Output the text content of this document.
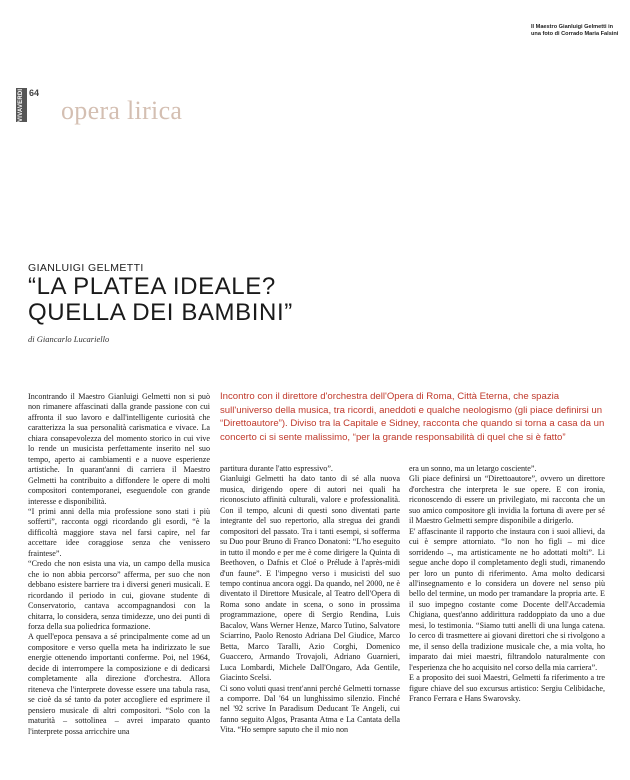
Il Maestro Gianluigi Gelmetti in una foto di Corrado Maria Falsini
VIVAVERDI 64
opera lirica
GIANLUIGI GELMETTI
“LA PLATEA IDEALE?
QUELLA DEI BAMBINI”
di Giancarlo Lucariello
Incontro con il direttore d'orchestra dell'Opera di Roma, Città Eterna, che spazia sull'universo della musica, tra ricordi, aneddoti e qualche neologismo (gli piace definirsi un “Direttoautore”). Diviso tra la Capitale e Sidney, racconta che quando si torna a casa da un concerto ci si sente malissimo, “per la grande responsabilità di quel che si è fatto”

Incontrando il Maestro Gianluigi Gelmetti non si può non rimanere affascinati dalla grande passione con cui affronta il suo lavoro e dall'intelligente curiosità che caratterizza la sua personalità carismatica e vivace. La chiara consapevolezza del momento storico in cui vive lo rende un musicista perfettamente inserito nel suo tempo, aperto ai cambiamenti e a nuove esperienze artistiche. In quarant'anni di carriera il Maestro Gelmetti ha contribuito a diffondere le opere di molti compositori contemporanei, eseguendole con grande interesse e disponibilità.

“I primi anni della mia professione sono stati i più sofferti”, racconta oggi ricordando gli esordi, “è la difficoltà maggiore stava nel farsi capire, nel far accettare idee coraggiose senza che venissero fraintese”.

“Credo che non esista una via, un campo della musica che io non abbia percorso” afferma, per suo che non debbano esistere barriere tra i diversi generi musicali. E ricordando il periodo in cui, giovane studente di Conservatorio, cantava accompagnandosi con la chitarra, lo considera, senza timidezze, uno dei punti di forza della sua poliedrica formazione.

A quell'epoca pensava a sé principalmente come ad un compositore e verso quella meta ha indirizzato le sue energie ottenendo importanti conferme. Poi, nel 1964, decide di interrompere la composizione e di dedicarsi completamente alla direzione d'orchestra. Allora riteneva che l'interprete dovesse essere una tabula rasa, se cioè da sé tanto da poter accogliere ed esprimere il pensiero musicale di altri compositori. “Solo con la maturità – sottolinea – avrei imparato quanto l'interprete possa arricchire una

partitura durante l'atto espressivo”.

Gianluigi Gelmetti ha dato tanto di sé alla nuova musica, dirigendo opere di autori nei quali ha riconosciuto affinità culturali, valore e professionalità. Con il tempo, alcuni di questi sono diventati parte integrante del suo repertorio, alla stregua dei grandi compositori del passato. Tra i tanti esempi, si sofferma su Duo pour Bruno di Franco Donatoni: “L'ho eseguito in tutto il mondo e per me è come dirigere la Quinta di Beethoven, o Dafnis et Cloé o Prélude à l'après-midi d'un faune”. E l'impegno verso i musicisti del suo tempo continua ancora oggi. Da quando, nel 2000, ne è diventato il Direttore Musicale, al Teatro dell'Opera di Roma sono andate in scena, o sono in prossima programmazione, opere di Sergio Rendina, Luis Bacalov, Wans Werner Henze, Marco Tutino, Salvatore Sciarrino, Paolo Renosto Adriana Del Giudice, Marco Betta, Marco Taralli, Azio Corghi, Domenico Guaccero, Armando Trovajoli, Adriano Guarnieri, Luca Lombardi, Michele Dall'Ongaro, Ada Gentile, Giacinto Scelsi.

Ci sono voluti quasi trent'anni perché Gelmetti tornasse a comporre. Dal '64 un lunghissimo silenzio. Finché nel '92 scrive In Paradisum Deducant Te Angeli, cui fanno seguito Algos, Prasanta Atma e La Cantata della Vita. “Ho sempre saputo che il mio non

era un sonno, ma un letargo cosciente”.

Gli piace definirsi un “Direttoautore”, ovvero un direttore d'orchestra che interpreta le sue opere. E con ironia, riconoscendo di essere un privilegiato, mi racconta che un suo amico compositore gli invidia la fortuna di avere per sé il Maestro Gelmetti sempre disponibile a dirigerlo.

E' affascinante il rapporto che instaura con i suoi allievi, da cui è sempre attorniato. “Io non ho figli – mi dice sorridendo –, ma artisticamente ne ho adottati molti”. Li segue anche dopo il completamento degli studi, rimanendo per loro un punto di riferimento. Ama molto dedicarsi all'insegnamento e lo considera un dovere nel senso più bello del termine, un modo per tramandare la propria arte. E il suo impegno costante come Docente dell'Accademia Chigiana, quest'anno addirittura raddoppiato da uno a due mesi, lo testimonia. “Siamo tutti anelli di una lunga catena. Io cerco di trasmettere ai giovani direttori che si rivolgono a me, il senso della tradizione musicale che, a mia volta, ho imparato dai miei maestri, filtrandolo naturalmente con l'esperienza che ho acquisito nel corso della mia carriera”.

E a proposito dei suoi Maestri, Gelmetti fa riferimento a tre figure chiave del suo excursus artistico: Sergiu Celibidache, Franco Ferrara e Hans Swarovsky.
